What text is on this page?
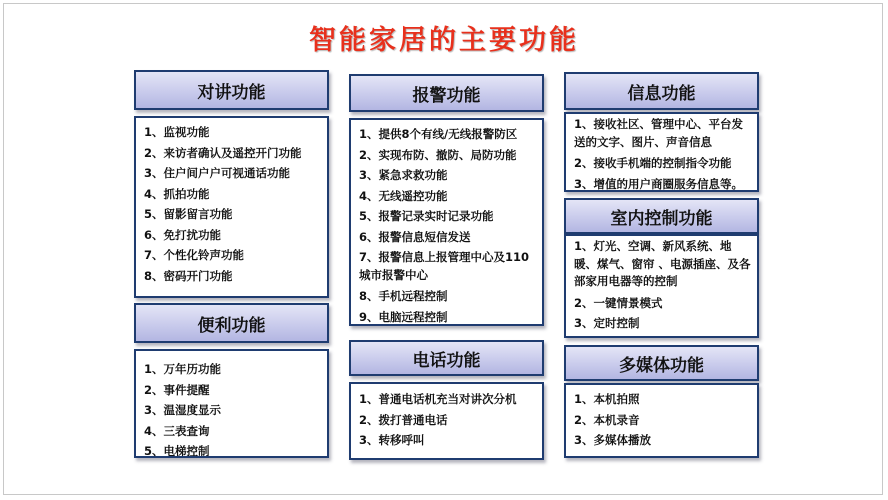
智能家居的主要功能
对讲功能
1、监视功能
2、来访者确认及遥控开门功能
3、住户间户户可视通话功能
4、抓拍功能
5、留影留言功能
6、免打扰功能
7、个性化铃声功能
8、密码开门功能
便利功能
1、万年历功能
2、事件提醒
3、温湿度显示
4、三表查询
5、电梯控制
报警功能
1、提供8个有线/无线报警防区
2、实现布防、撤防、局防功能
3、紧急求救功能
4、无线遥控功能
5、报警记录实时记录功能
6、报警信息短信发送
7、报警信息上报管理中心及110城市报警中心
8、手机远程控制
9、电脑远程控制
电话功能
1、普通电话机充当对讲次分机
2、拨打普通电话
3、转移呼叫
信息功能
1、接收社区、管理中心、平台发送的文字、图片、声音信息
2、接收手机端的控制指令功能
3、增值的用户商圈服务信息等。
室内控制功能
1、灯光、空调、新风系统、地暖、煤气、窗帘 、电源插座、及各部家用电器等的控制
2、一键情景模式
3、定时控制
多媒体功能
1、本机拍照
2、本机录音
3、多媒体播放
